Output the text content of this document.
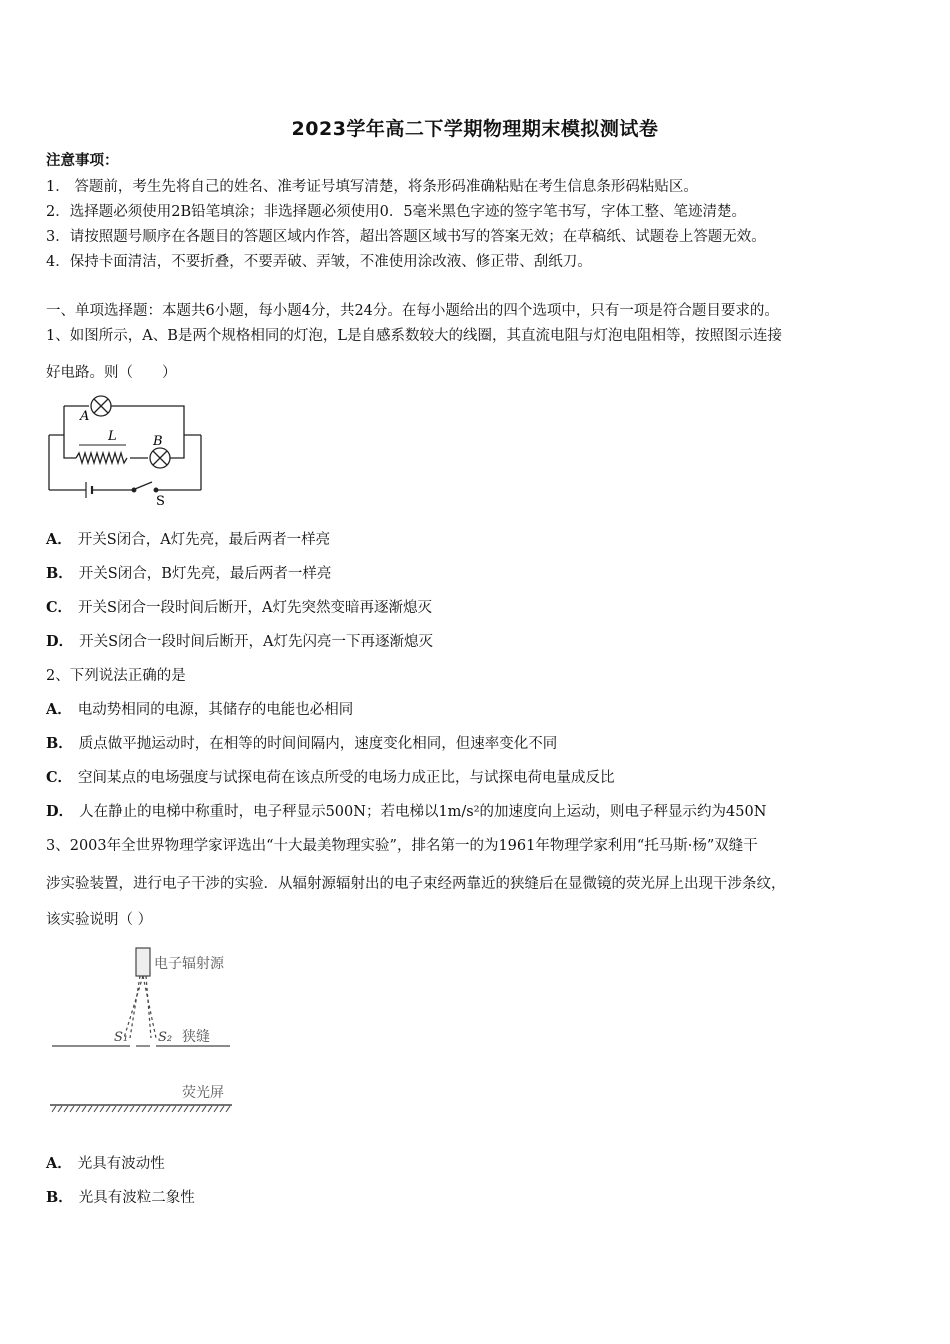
2023学年高二下学期物理期末模拟测试卷
注意事项：
1． 答题前，考生先将自己的姓名、准考证号填写清楚，将条形码准确粘贴在考生信息条形码粘贴区。
2．选择题必须使用2B铅笔填涂；非选择题必须使用0．5毫米黑色字迹的签字笔书写，字体工整、笔迹清楚。
3．请按照题号顺序在各题目的答题区域内作答，超出答题区域书写的答案无效；在草稿纸、试题卷上答题无效。
4．保持卡面清洁，不要折叠，不要弄破、弄皱，不准使用涂改液、修正带、刮纸刀。
一、单项选择题：本题共6小题，每小题4分，共24分。在每小题给出的四个选项中，只有一项是符合题目要求的。
1、如图所示，A、B是两个规格相同的灯泡，L是自感系数较大的线圈，其直流电阻与灯泡电阻相等，按照图示连接
好电路。则（　　）
A
L	B
S
A． 开关S闭合，A灯先亮，最后两者一样亮
B． 开关S闭合，B灯先亮，最后两者一样亮
C． 开关S闭合一段时间后断开，A灯先突然变暗再逐渐熄灭
D． 开关S闭合一段时间后断开，A灯先闪亮一下再逐渐熄灭
2、下列说法正确的是
A． 电动势相同的电源，其储存的电能也必相同
B． 质点做平抛运动时，在相等的时间间隔内，速度变化相同，但速率变化不同
C． 空间某点的电场强度与试探电荷在该点所受的电场力成正比，与试探电荷电量成反比
D． 人在静止的电梯中称重时，电子秤显示500N；若电梯以1m/s²的加速度向上运动，则电子秤显示约为450N
3、2003年全世界物理学家评选出“十大最美物理实验”，排名第一的为1961年物理学家利用“托马斯·杨”双缝干
涉实验装置，进行电子干涉的实验．从辐射源辐射出的电子束经两靠近的狭缝后在显微镜的荧光屏上出现干涉条纹，
该实验说明（ ）
电子辐射源
S₁ S₂ 狭缝
荧光屏
A． 光具有波动性
B． 光具有波粒二象性
